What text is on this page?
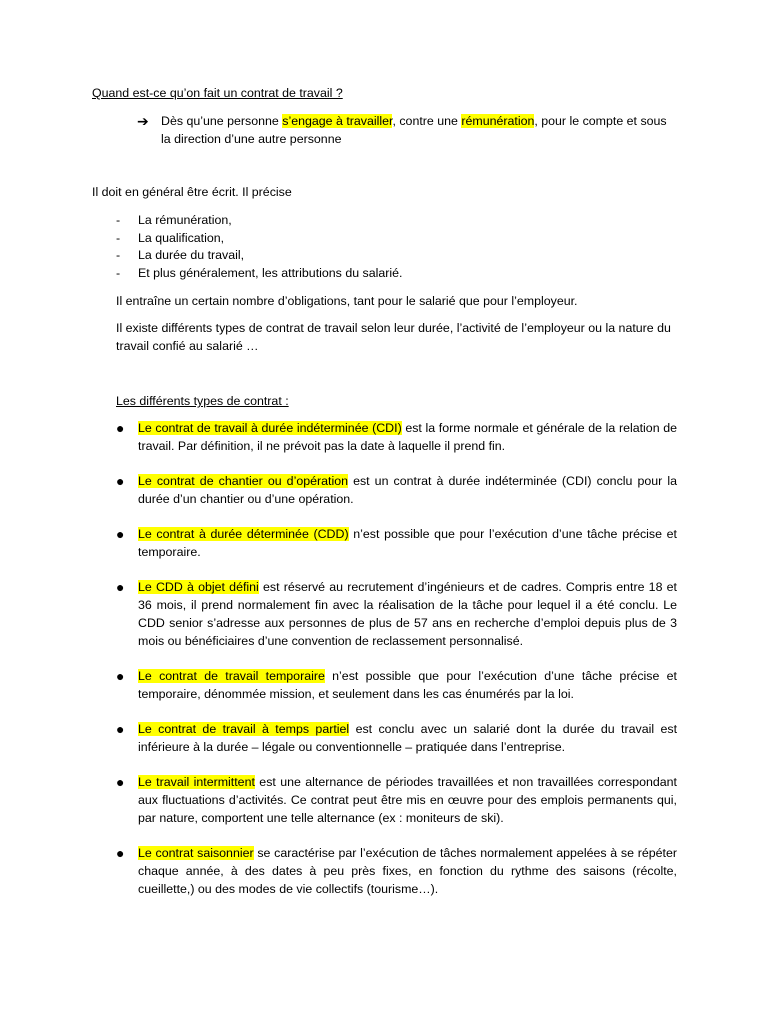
Quand est-ce qu’on fait un contrat de travail ?
➔ Dès qu’une personne s’engage à travailler, contre une rémunération, pour le compte et sous la direction d’une autre personne
Il doit en général être écrit. Il précise
- La rémunération,
- La qualification,
- La durée du travail,
- Et plus généralement, les attributions du salarié.
Il entraîne un certain nombre d’obligations, tant pour le salarié que pour l’employeur.
Il existe différents types de contrat de travail selon leur durée, l’activité de l’employeur ou la nature du travail confié au salarié …
Les différents types de contrat :
● Le contrat de travail à durée indéterminée (CDI) est la forme normale et générale de la relation de travail. Par définition, il ne prévoit pas la date à laquelle il prend fin.
● Le contrat de chantier ou d’opération est un contrat à durée indéterminée (CDI) conclu pour la durée d’un chantier ou d’une opération.
● Le contrat à durée déterminée (CDD) n’est possible que pour l’exécution d’une tâche précise et temporaire.
● Le CDD à objet défini est réservé au recrutement d’ingénieurs et de cadres. Compris entre 18 et 36 mois, il prend normalement fin avec la réalisation de la tâche pour lequel il a été conclu. Le CDD senior s’adresse aux personnes de plus de 57 ans en recherche d’emploi depuis plus de 3 mois ou bénéficiaires d’une convention de reclassement personnalisé.
● Le contrat de travail temporaire n’est possible que pour l’exécution d’une tâche précise et temporaire, dénommée mission, et seulement dans les cas énumérés par la loi.
● Le contrat de travail à temps partiel est conclu avec un salarié dont la durée du travail est inférieure à la durée – légale ou conventionnelle – pratiquée dans l’entreprise.
● Le travail intermittent est une alternance de périodes travaillées et non travaillées correspondant aux fluctuations d’activités. Ce contrat peut être mis en œuvre pour des emplois permanents qui, par nature, comportent une telle alternance (ex : moniteurs de ski).
● Le contrat saisonnier se caractérise par l’exécution de tâches normalement appelées à se répéter chaque année, à des dates à peu près fixes, en fonction du rythme des saisons (récolte, cueillette,) ou des modes de vie collectifs (tourisme…).
